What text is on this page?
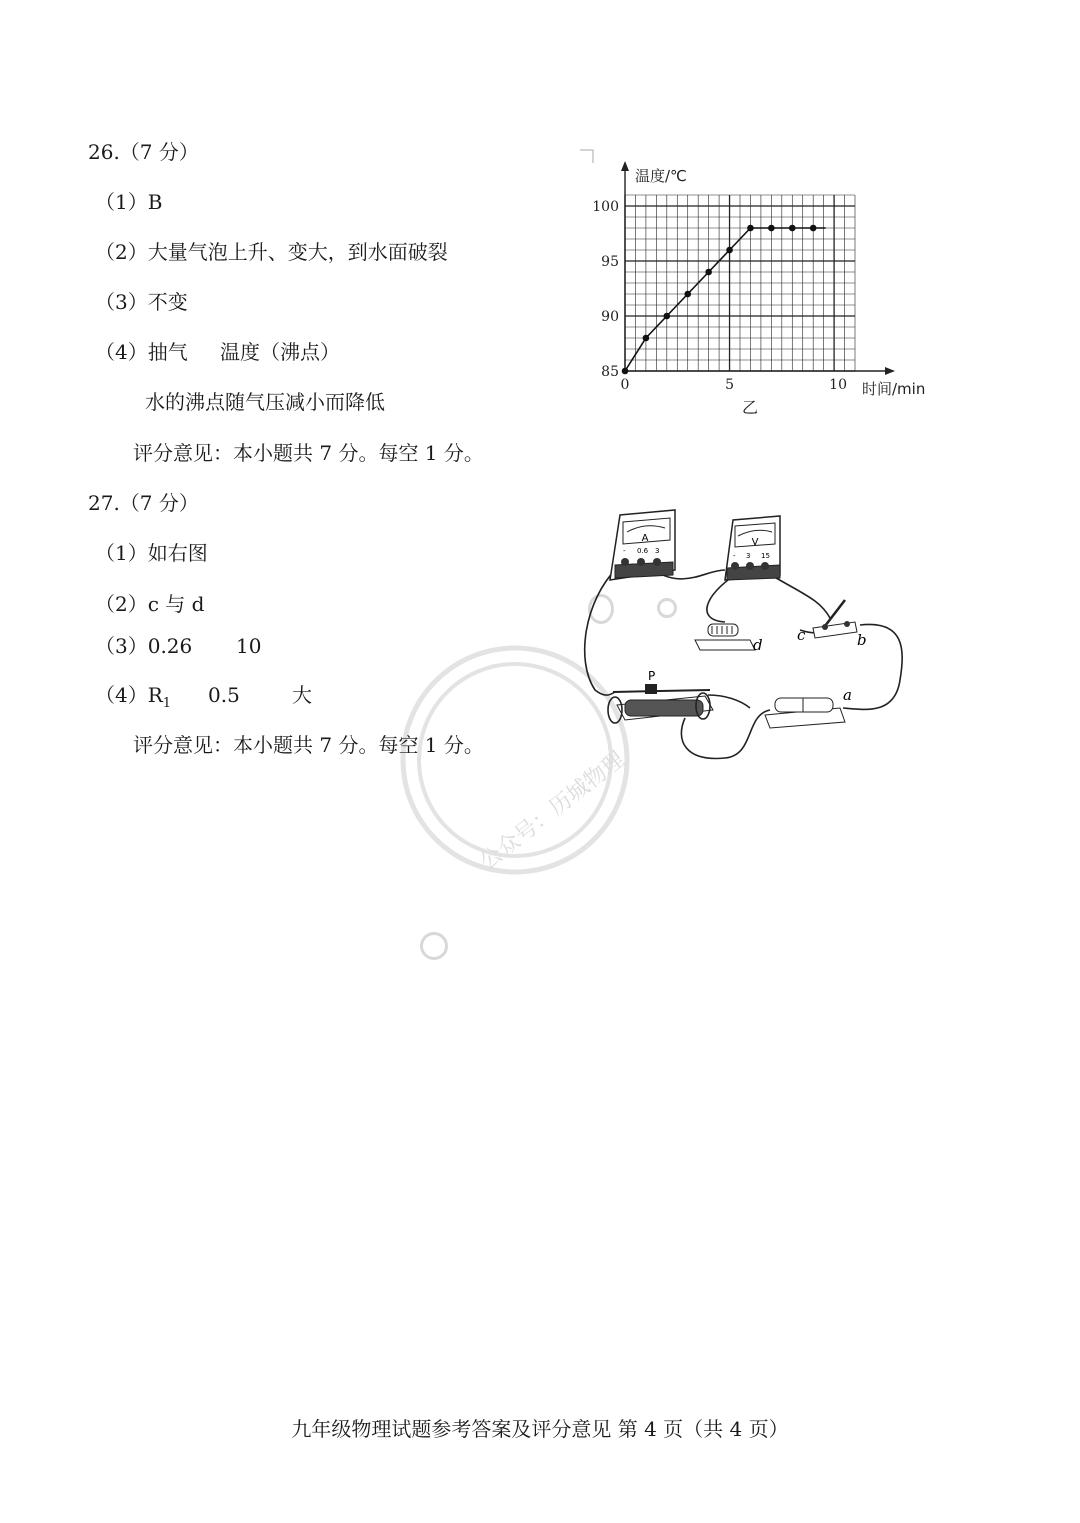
公众号：历城物理
26.（7 分）
（1）B
（2）大量气泡上升、变大，到水面破裂
（3）不变
（4）抽气 温度（沸点）
水的沸点随气压减小而降低
评分意见：本小题共 7 分。每空 1 分。
27.（7 分）
（1）如右图
（2）c 与 d
（3）0.26 10
$(4)R_1$ 0.5	大
评分意见：本小题共 7 分。每空 1 分。
85
90
95
100
0	5	10
温度/℃
时间/min
乙
A
- 0.6 3
V
- 3 15
d
c	b
a
P
九年级物理试题参考答案及评分意见 第 4 页（共 4 页）
